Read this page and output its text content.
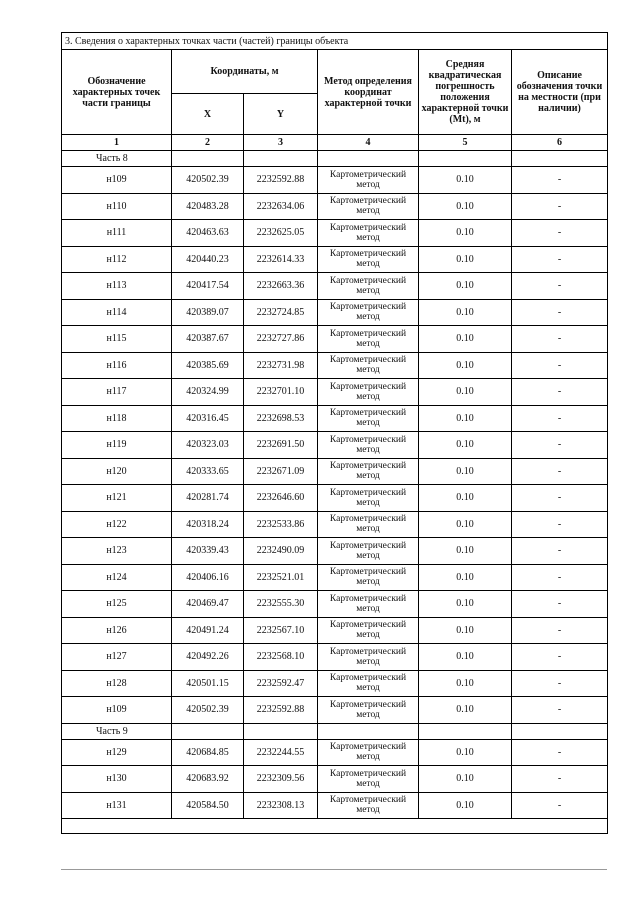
3. Сведения о характерных точках части (частей) границы объекта					
Обозначение характерных точек части границы	Координаты, м		Метод определения координат характерной точки	Средняя квадратическая погрешность положения характерной точки (Mt), м	Описание обозначения точки на местности (при наличии)
	X	Y			
1	2	3	4	5	6
Часть 8					
н109	420502.39	2232592.88	Картометрический метод	0.10	-
н110	420483.28	2232634.06	Картометрический метод	0.10	-
н111	420463.63	2232625.05	Картометрический метод	0.10	-
н112	420440.23	2232614.33	Картометрический метод	0.10	-
н113	420417.54	2232663.36	Картометрический метод	0.10	-
н114	420389.07	2232724.85	Картометрический метод	0.10	-
н115	420387.67	2232727.86	Картометрический метод	0.10	-
н116	420385.69	2232731.98	Картометрический метод	0.10	-
н117	420324.99	2232701.10	Картометрический метод	0.10	-
н118	420316.45	2232698.53	Картометрический метод	0.10	-
н119	420323.03	2232691.50	Картометрический метод	0.10	-
н120	420333.65	2232671.09	Картометрический метод	0.10	-
н121	420281.74	2232646.60	Картометрический метод	0.10	-
н122	420318.24	2232533.86	Картометрический метод	0.10	-
н123	420339.43	2232490.09	Картометрический метод	0.10	-
н124	420406.16	2232521.01	Картометрический метод	0.10	-
н125	420469.47	2232555.30	Картометрический метод	0.10	-
н126	420491.24	2232567.10	Картометрический метод	0.10	-
н127	420492.26	2232568.10	Картометрический метод	0.10	-
н128	420501.15	2232592.47	Картометрический метод	0.10	-
н109	420502.39	2232592.88	Картометрический метод	0.10	-
Часть 9					
н129	420684.85	2232244.55	Картометрический метод	0.10	-
н130	420683.92	2232309.56	Картометрический метод	0.10	-
н131	420584.50	2232308.13	Картометрический метод	0.10	-
